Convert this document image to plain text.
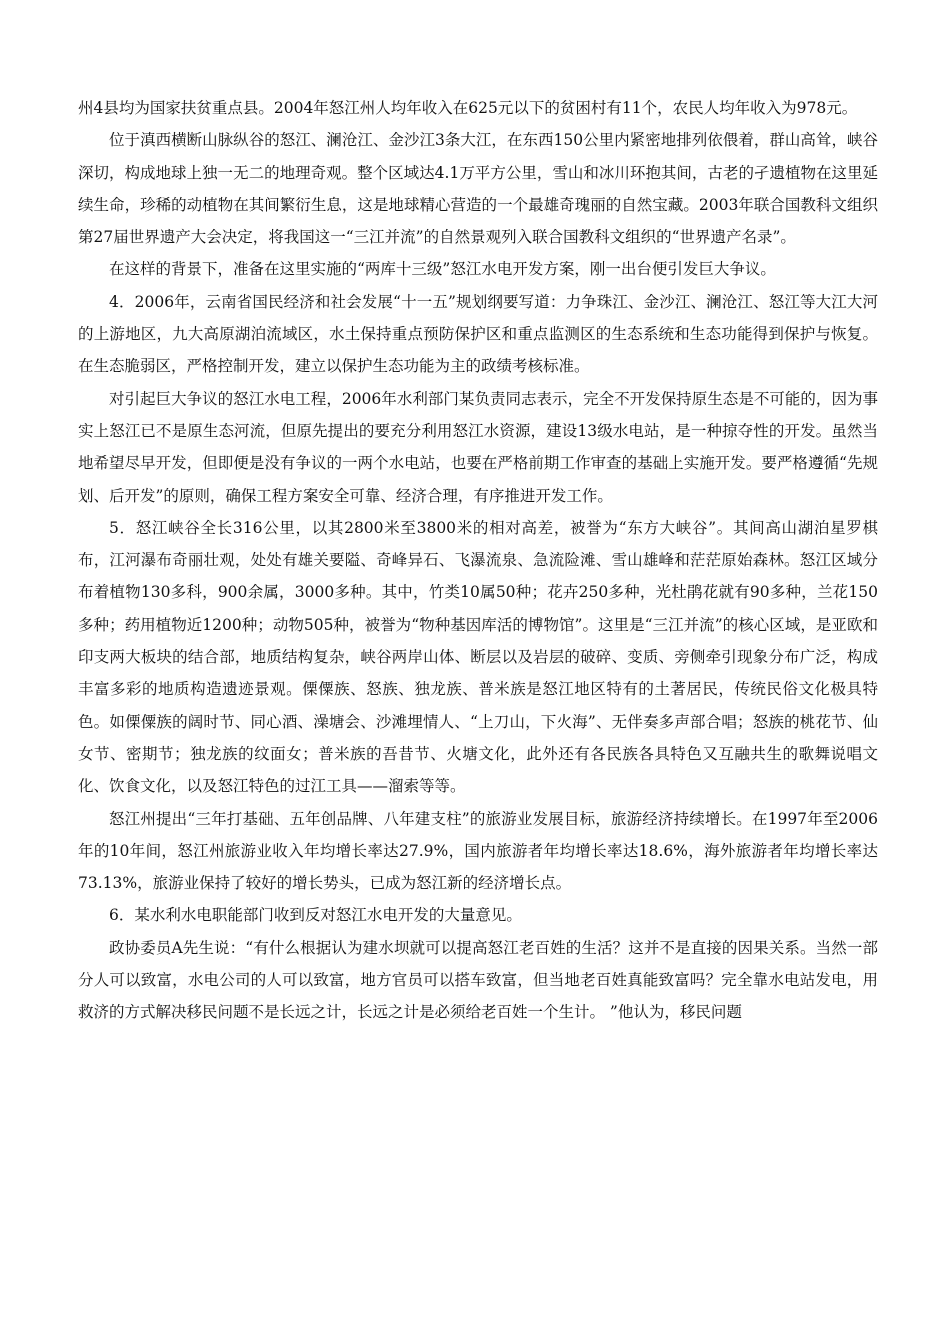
州4县均为国家扶贫重点县。2004年怒江州人均年收入在625元以下的贫困村有11个，农民人均年收入为978元。

位于滇西横断山脉纵谷的怒江、澜沧江、金沙江3条大江，在东西150公里内紧密地排列依偎着，群山高耸，峡谷深切，构成地球上独一无二的地理奇观。整个区域达4.1万平方公里，雪山和冰川环抱其间，古老的孑遗植物在这里延续生命，珍稀的动植物在其间繁衍生息，这是地球精心营造的一个最雄奇瑰丽的自然宝藏。2003年联合国教科文组织第27届世界遗产大会决定，将我国这一“三江并流”的自然景观列入联合国教科文组织的“世界遗产名录”。

在这样的背景下，准备在这里实施的“两库十三级”怒江水电开发方案，刚一出台便引发巨大争议。

4．2006年，云南省国民经济和社会发展“十一五”规划纲要写道：力争珠江、金沙江、澜沧江、怒江等大江大河的上游地区，九大高原湖泊流域区，水土保持重点预防保护区和重点监测区的生态系统和生态功能得到保护与恢复。在生态脆弱区，严格控制开发，建立以保护生态功能为主的政绩考核标准。

对引起巨大争议的怒江水电工程，2006年水利部门某负责同志表示，完全不开发保持原生态是不可能的，因为事实上怒江已不是原生态河流，但原先提出的要充分利用怒江水资源，建设13级水电站，是一种掠夺性的开发。虽然当地希望尽早开发，但即便是没有争议的一两个水电站，也要在严格前期工作审查的基础上实施开发。要严格遵循“先规划、后开发”的原则，确保工程方案安全可靠、经济合理，有序推进开发工作。

5．怒江峡谷全长316公里，以其2800米至3800米的相对高差，被誉为“东方大峡谷”。其间高山湖泊星罗棋布，江河瀑布奇丽壮观，处处有雄关要隘、奇峰异石、飞瀑流泉、急流险滩、雪山雄峰和茫茫原始森林。怒江区域分布着植物130多科，900余属，3000多种。其中，竹类10属50种；花卉250多种，光杜鹃花就有90多种，兰花150多种；药用植物近1200种；动物505种，被誉为“物种基因库活的博物馆”。这里是“三江并流”的核心区域，是亚欧和印支两大板块的结合部，地质结构复杂，峡谷两岸山体、断层以及岩层的破碎、变质、旁侧牵引现象分布广泛，构成丰富多彩的地质构造遗迹景观。傈僳族、怒族、独龙族、普米族是怒江地区特有的土著居民，传统民俗文化极具特色。如傈僳族的阔时节、同心酒、澡塘会、沙滩埋情人、“上刀山，下火海”、无伴奏多声部合唱；怒族的桃花节、仙女节、密期节；独龙族的纹面女；普米族的吾昔节、火塘文化，此外还有各民族各具特色又互融共生的歌舞说唱文化、饮食文化，以及怒江特色的过江工具——溜索等等。

怒江州提出“三年打基础、五年创品牌、八年建支柱”的旅游业发展目标，旅游经济持续增长。在1997年至2006年的10年间，怒江州旅游业收入年均增长率达27.9%，国内旅游者年均增长率达18.6%，海外旅游者年均增长率达73.13%，旅游业保持了较好的增长势头，已成为怒江新的经济增长点。

6．某水利水电职能部门收到反对怒江水电开发的大量意见。

政协委员A先生说：“有什么根据认为建水坝就可以提高怒江老百姓的生活？这并不是直接的因果关系。当然一部分人可以致富，水电公司的人可以致富，地方官员可以搭车致富，但当地老百姓真能致富吗？完全靠水电站发电，用救济的方式解决移民问题不是长远之计，长远之计是必须给老百姓一个生计。 ”他认为，移民问题
